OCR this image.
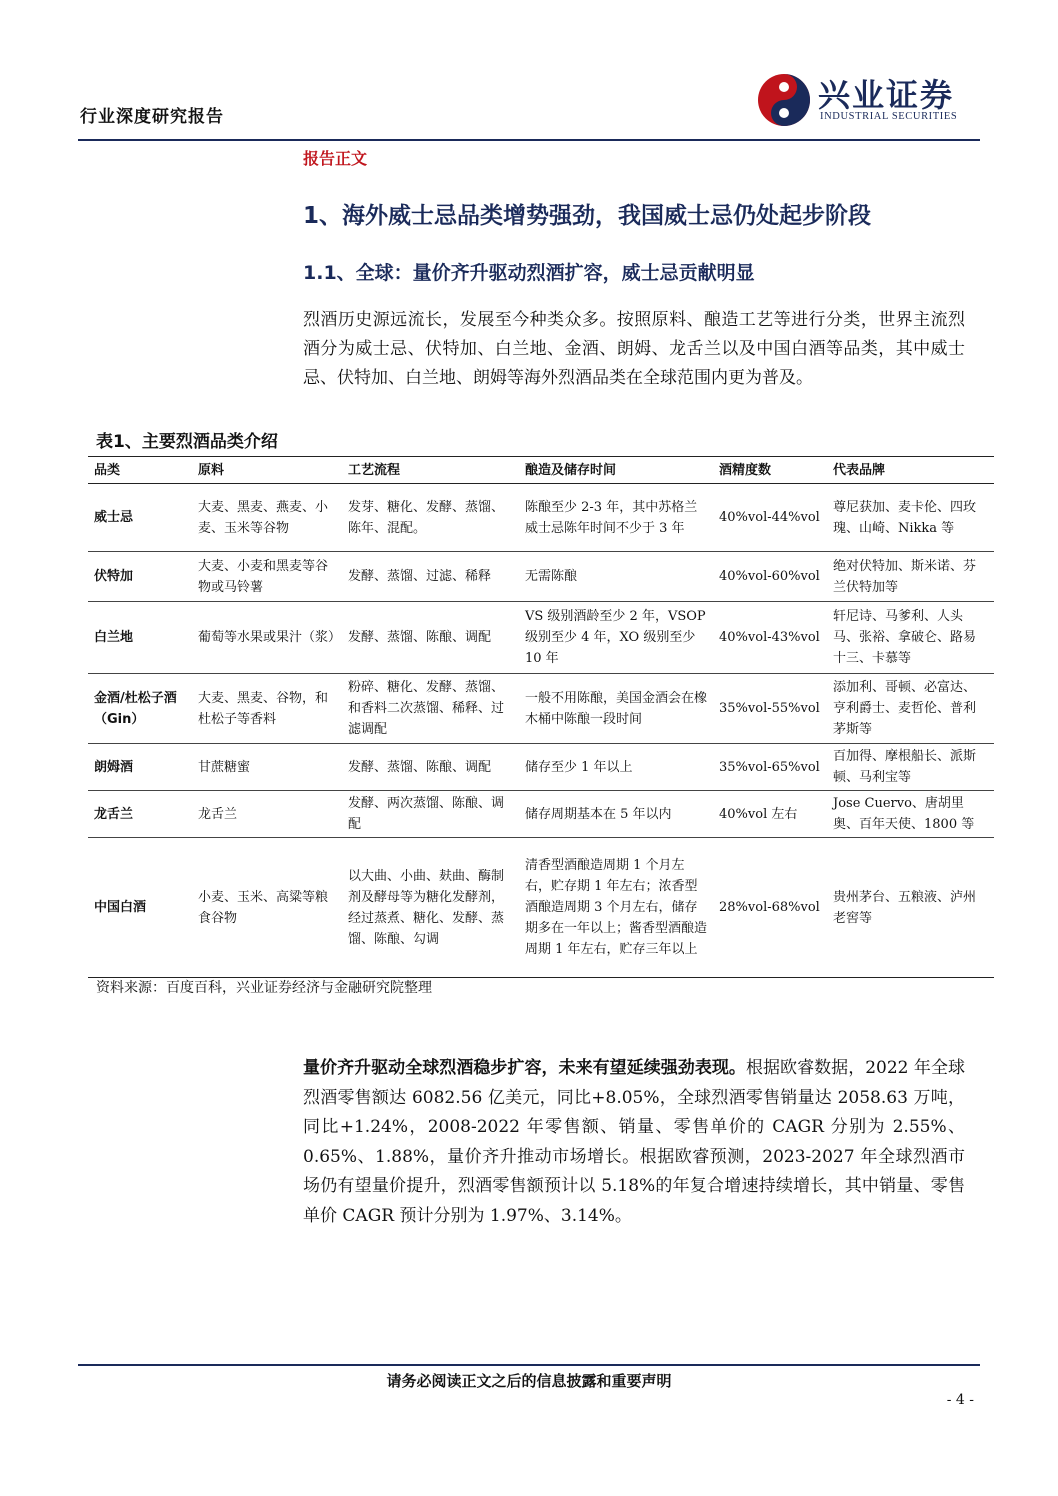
行业深度研究报告
兴业证券
INDUSTRIAL SECURITIES
报告正文
1、海外威士忌品类增势强劲，我国威士忌仍处起步阶段
1.1、全球：量价齐升驱动烈酒扩容，威士忌贡献明显
烈酒历史源远流长，发展至今种类众多。按照原料、酿造工艺等进行分类，世界主流烈酒分为威士忌、伏特加、白兰地、金酒、朗姆、龙舌兰以及中国白酒等品类，其中威士忌、伏特加、白兰地、朗姆等海外烈酒品类在全球范围内更为普及。
表1、主要烈酒品类介绍
品类	原料	工艺流程	酿造及储存时间	酒精度数	代表品牌
威士忌	大麦、黑麦、燕麦、小麦、玉米等谷物	发芽、糖化、发酵、蒸馏、陈年、混配。	陈酿至少 2-3 年，其中苏格兰威士忌陈年时间不少于 3 年	40%vol-44%vol	尊尼获加、麦卡伦、四玫瑰、山崎、Nikka 等
伏特加	大麦、小麦和黑麦等谷物或马铃薯	发酵、蒸馏、过滤、稀释	无需陈酿	40%vol-60%vol	绝对伏特加、斯米诺、芬兰伏特加等
白兰地	葡萄等水果或果汁（浆）	发酵、蒸馏、陈酿、调配	VS 级别酒龄至少 2 年，VSOP 级别至少 4 年，XO 级别至少 10 年	40%vol-43%vol	轩尼诗、马爹利、人头马、张裕、拿破仑、路易十三、卡慕等
金酒/杜松子酒（Gin）	大麦、黑麦、谷物，和杜松子等香料	粉碎、糖化、发酵、蒸馏、和香料二次蒸馏、稀释、过滤调配	一般不用陈酿，美国金酒会在橡木桶中陈酿一段时间	35%vol-55%vol	添加利、哥顿、必富达、亨利爵士、麦哲伦、普利茅斯等
朗姆酒	甘蔗糖蜜	发酵、蒸馏、陈酿、调配	储存至少 1 年以上	35%vol-65%vol	百加得、摩根船长、派斯顿、马利宝等
龙舌兰	龙舌兰	发酵、两次蒸馏、陈酿、调配	储存周期基本在 5 年以内	40%vol 左右	Jose Cuervo、唐胡里奥、百年天使、1800 等
中国白酒	小麦、玉米、高粱等粮食谷物	以大曲、小曲、麸曲、酶制剂及酵母等为糖化发酵剂，经过蒸煮、糖化、发酵、蒸馏、陈酿、勾调	清香型酒酿造周期 1 个月左右，贮存期 1 年左右；浓香型酒酿造周期 3 个月左右，储存期多在一年以上；酱香型酒酿造周期 1 年左右，贮存三年以上	28%vol-68%vol	贵州茅台、五粮液、泸州老窖等
资料来源：百度百科，兴业证券经济与金融研究院整理
量价齐升驱动全球烈酒稳步扩容，未来有望延续强劲表现。根据欧睿数据，2022 年全球烈酒零售额达 6082.56 亿美元，同比+8.05%，全球烈酒零售销量达 2058.63 万吨，同比+1.24%，2008-2022 年零售额、销量、零售单价的 CAGR 分别为 2.55%、0.65%、1.88%，量价齐升推动市场增长。根据欧睿预测，2023-2027 年全球烈酒市场仍有望量价提升，烈酒零售额预计以 5.18%的年复合增速持续增长，其中销量、零售单价 CAGR 预计分别为 1.97%、3.14%。
请务必阅读正文之后的信息披露和重要声明
- 4 -
